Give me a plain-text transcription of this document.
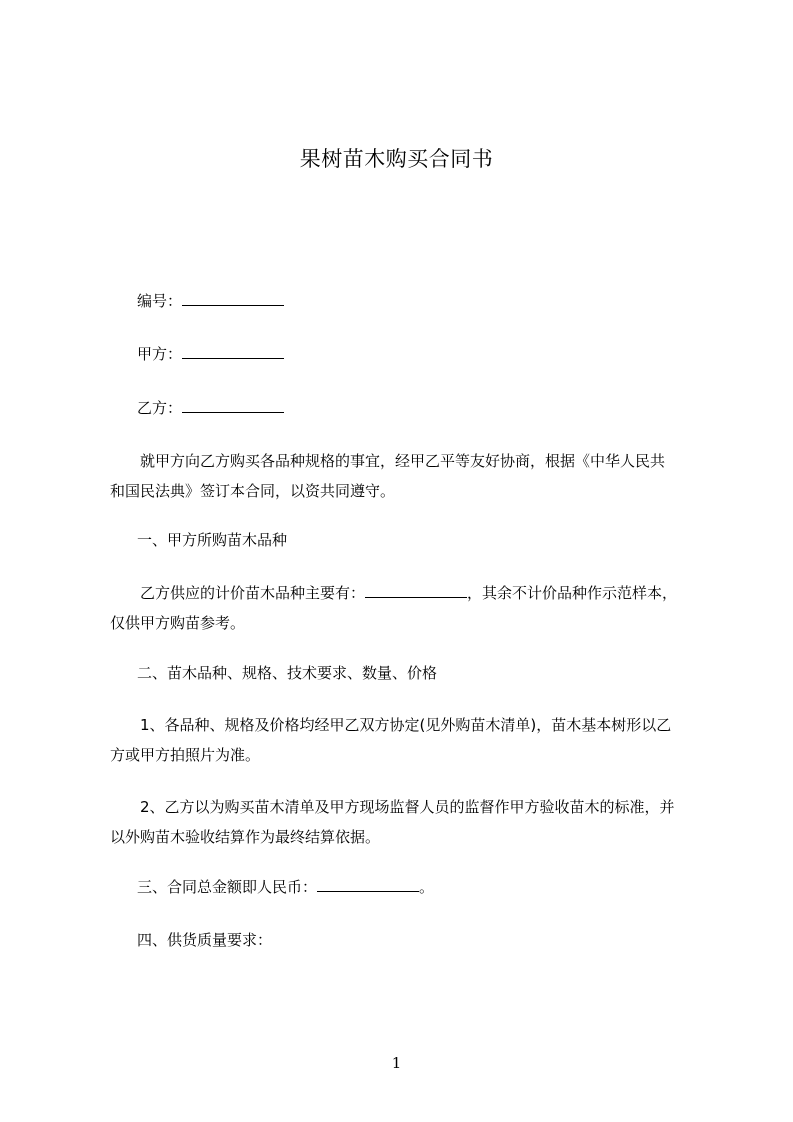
果树苗木购买合同书
编号：
甲方：
乙方：
就甲方向乙方购买各品种规格的事宜，经甲乙平等友好协商，根据《中华人民共
和国民法典》签订本合同，以资共同遵守。
一、甲方所购苗木品种
乙方供应的计价苗木品种主要有：	，其余不计价品种作示范样本，
仅供甲方购苗参考。
二、苗木品种、规格、技术要求、数量、价格
1、各品种、规格及价格均经甲乙双方协定(见外购苗木清单)，苗木基本树形以乙
方或甲方拍照片为准。
2、乙方以为购买苗木清单及甲方现场监督人员的监督作甲方验收苗木的标准，并
以外购苗木验收结算作为最终结算依据。
三、合同总金额即人民币：	。
四、供货质量要求：
1
